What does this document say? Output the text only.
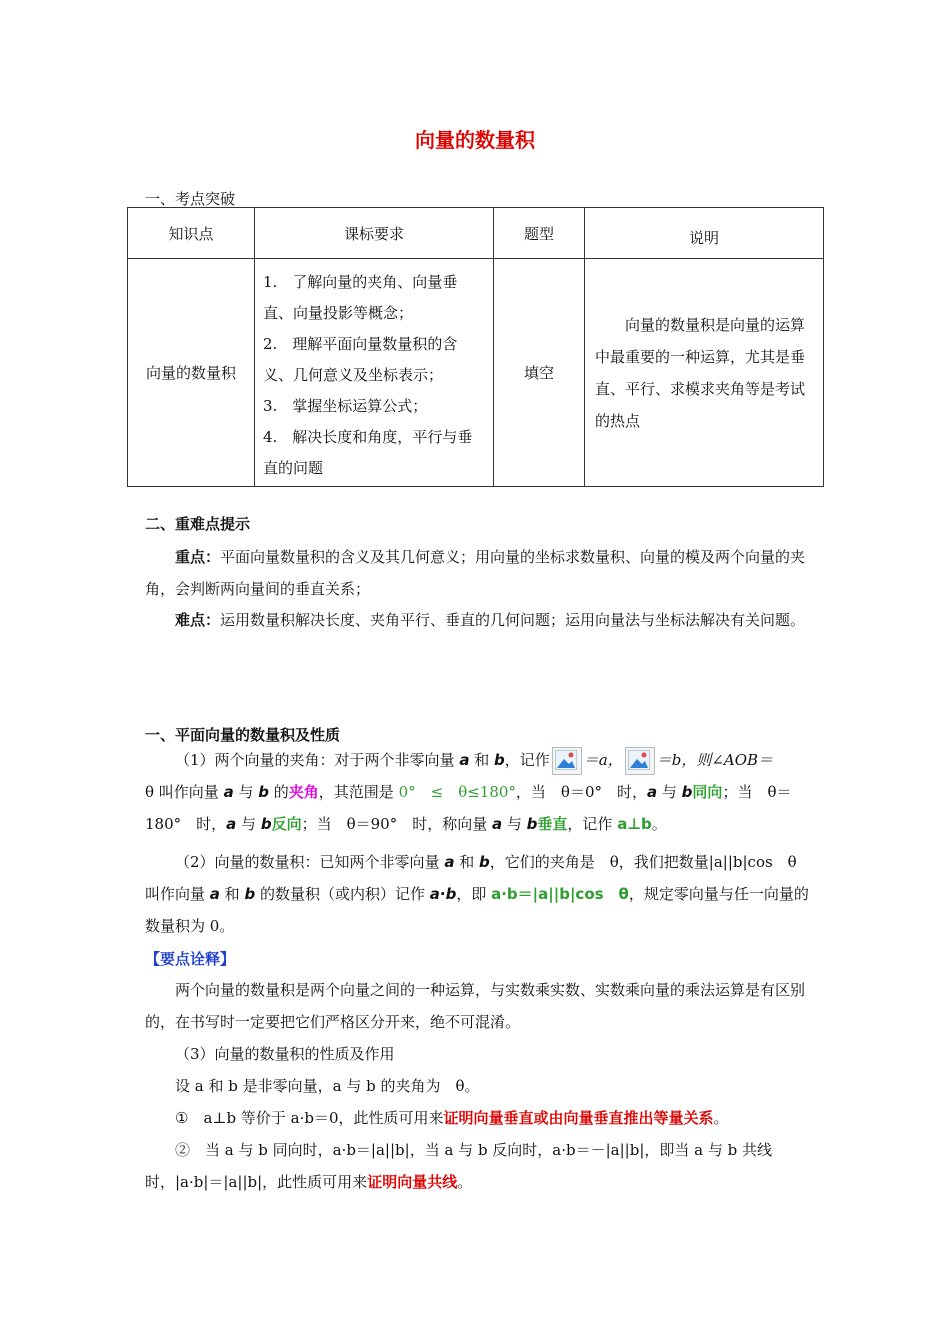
向量的数量积
一、考点突破
知识点	课标要求	题型	说明
向量的数量积	1.　了解向量的夹角、向量垂直、向量投影等概念；
2.　理解平面向量数量积的含义、几何意义及坐标表示；
3.　掌握坐标运算公式；
4.　解决长度和角度，平行与垂直的问题	填空	向量的数量积是向量的运算中最重要的一种运算，尤其是垂直、平行、求模求夹角等是考试的热点
二、重难点提示
重点：平面向量数量积的含义及其几何意义；用向量的坐标求数量积、向量的模及两个向量的夹角，会判断两向量间的垂直关系；
难点：运用数量积解决长度、夹角平行、垂直的几何问题；运用向量法与坐标法解决有关问题。
一、平面向量的数量积及性质
（1）两个向量的夹角：对于两个非零向量 a 和 b，记作 ＝a， ＝b，则∠AOB＝
θ 叫作向量 a 与 b 的夹角，其范围是 0°　≤　θ≤180°，当　θ＝0°　时，a 与 b同向；当　θ＝180°　时，a 与 b反向；当　θ＝90°　时，称向量 a 与 b垂直，记作 a⊥b。
（2）向量的数量积：已知两个非零向量 a 和 b，它们的夹角是　θ，我们把数量|a||b|cos　θ 叫作向量 a 和 b 的数量积（或内积）记作 a·b，即 a·b＝|a||b|cos　θ，规定零向量与任一向量的数量积为 0。
【要点诠释】
两个向量的数量积是两个向量之间的一种运算，与实数乘实数、实数乘向量的乘法运算是有区别的，在书写时一定要把它们严格区分开来，绝不可混淆。
（3）向量的数量积的性质及作用
设 a 和 b 是非零向量，a 与 b 的夹角为　θ。
①　a⊥b 等价于 a·b＝0，此性质可用来证明向量垂直或由向量垂直推出等量关系。
②　当 a 与 b 同向时，a·b＝|a||b|，当 a 与 b 反向时，a·b＝－|a||b|，即当 a 与 b 共线时，|a·b|＝|a||b|，此性质可用来证明向量共线。
